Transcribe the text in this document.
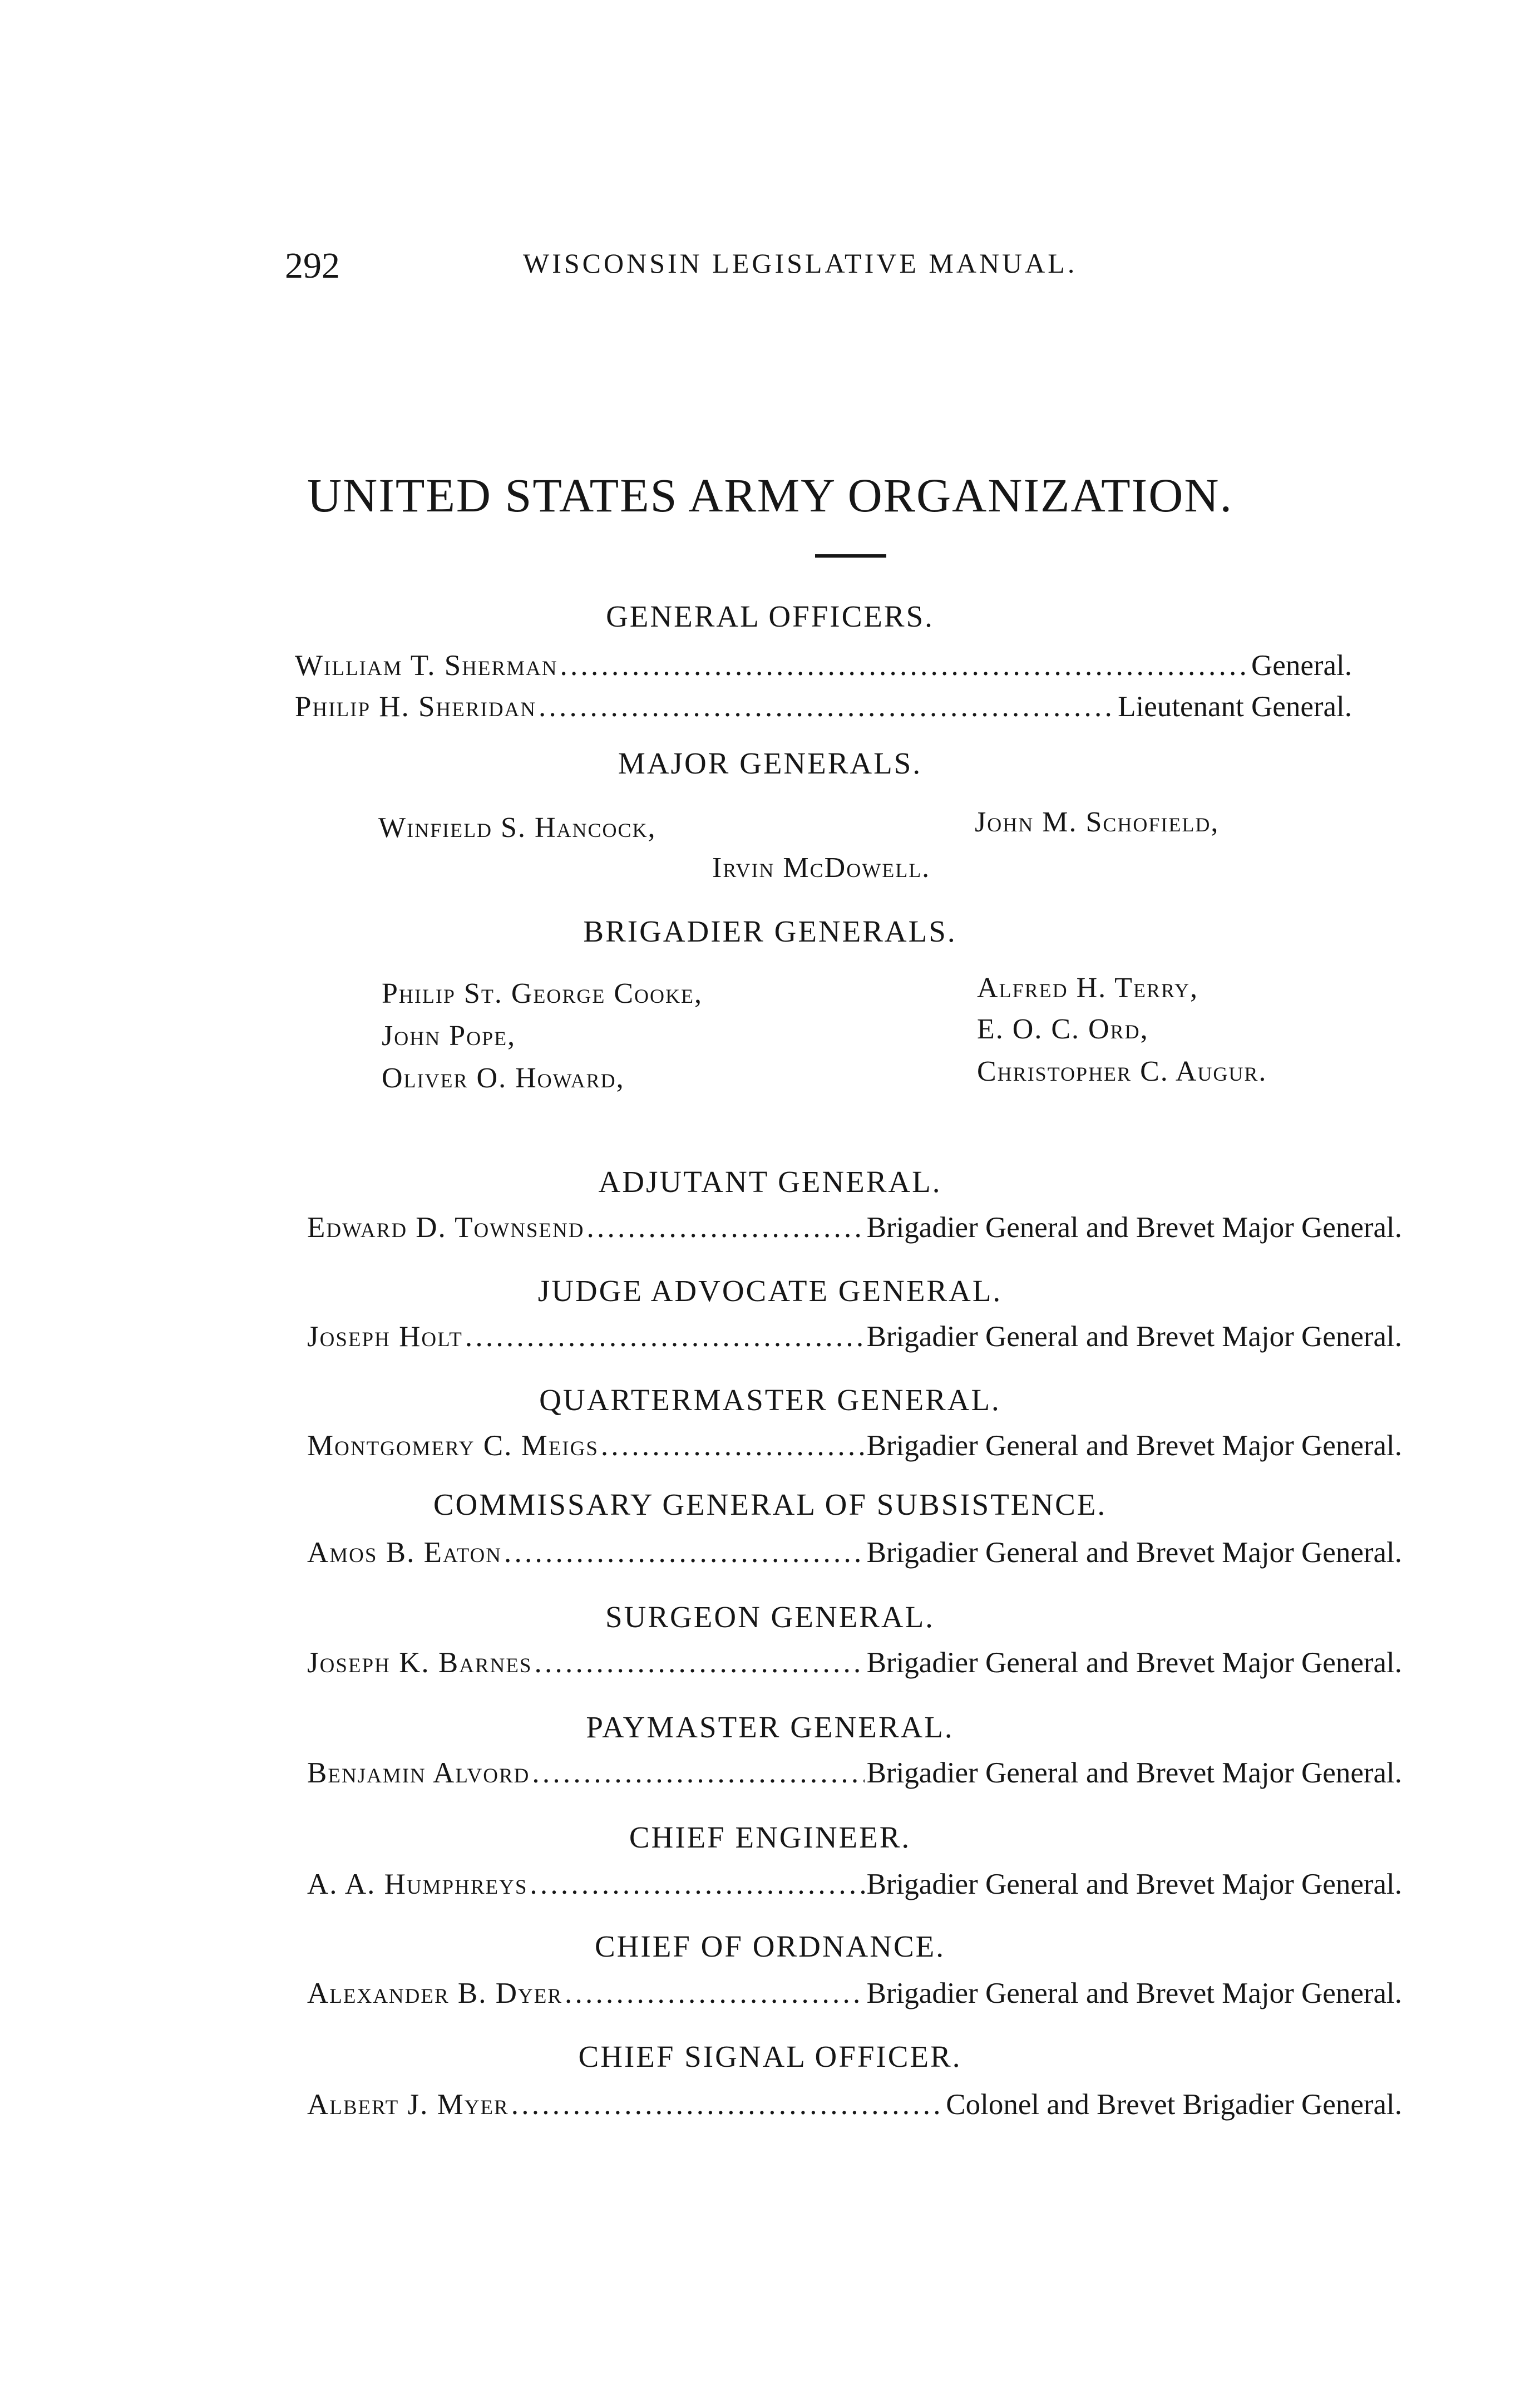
292	WISCONSIN LEGISLATIVE MANUAL.
UNITED STATES ARMY ORGANIZATION.
GENERAL OFFICERS.
William T. Sherman . . .	General.
Philip H. Sheridan . . .	Lieutenant General.
MAJOR GENERALS.
Winfield S. Hancock,	John M. Schofield,
Irvin McDowell.
BRIGADIER GENERALS.
Philip St. George Cooke,
John Pope,
Oliver O. Howard,
Alfred H. Terry,
E. O. C. Ord,
Christopher C. Augur.
ADJUTANT GENERAL.
Edward D. Townsend . . .	Brigadier General and Brevet Major General.
JUDGE ADVOCATE GENERAL.
Joseph Holt . . .	Brigadier General and Brevet Major General.
QUARTERMASTER GENERAL.
Montgomery C. Meigs . . .	Brigadier General and Brevet Major General.
COMMISSARY GENERAL OF SUBSISTENCE.
Amos B. Eaton . . .	Brigadier General and Brevet Major General.
SURGEON GENERAL.
Joseph K. Barnes . . .	Brigadier General and Brevet Major General.
PAYMASTER GENERAL.
Benjamin Alvord . . .	Brigadier General and Brevet Major General.
CHIEF ENGINEER.
A. A. Humphreys . . .	Brigadier General and Brevet Major General.
CHIEF OF ORDNANCE.
Alexander B. Dyer . . .	Brigadier General and Brevet Major General.
CHIEF SIGNAL OFFICER.
Albert J. Myer . . .	Colonel and Brevet Brigadier General.
